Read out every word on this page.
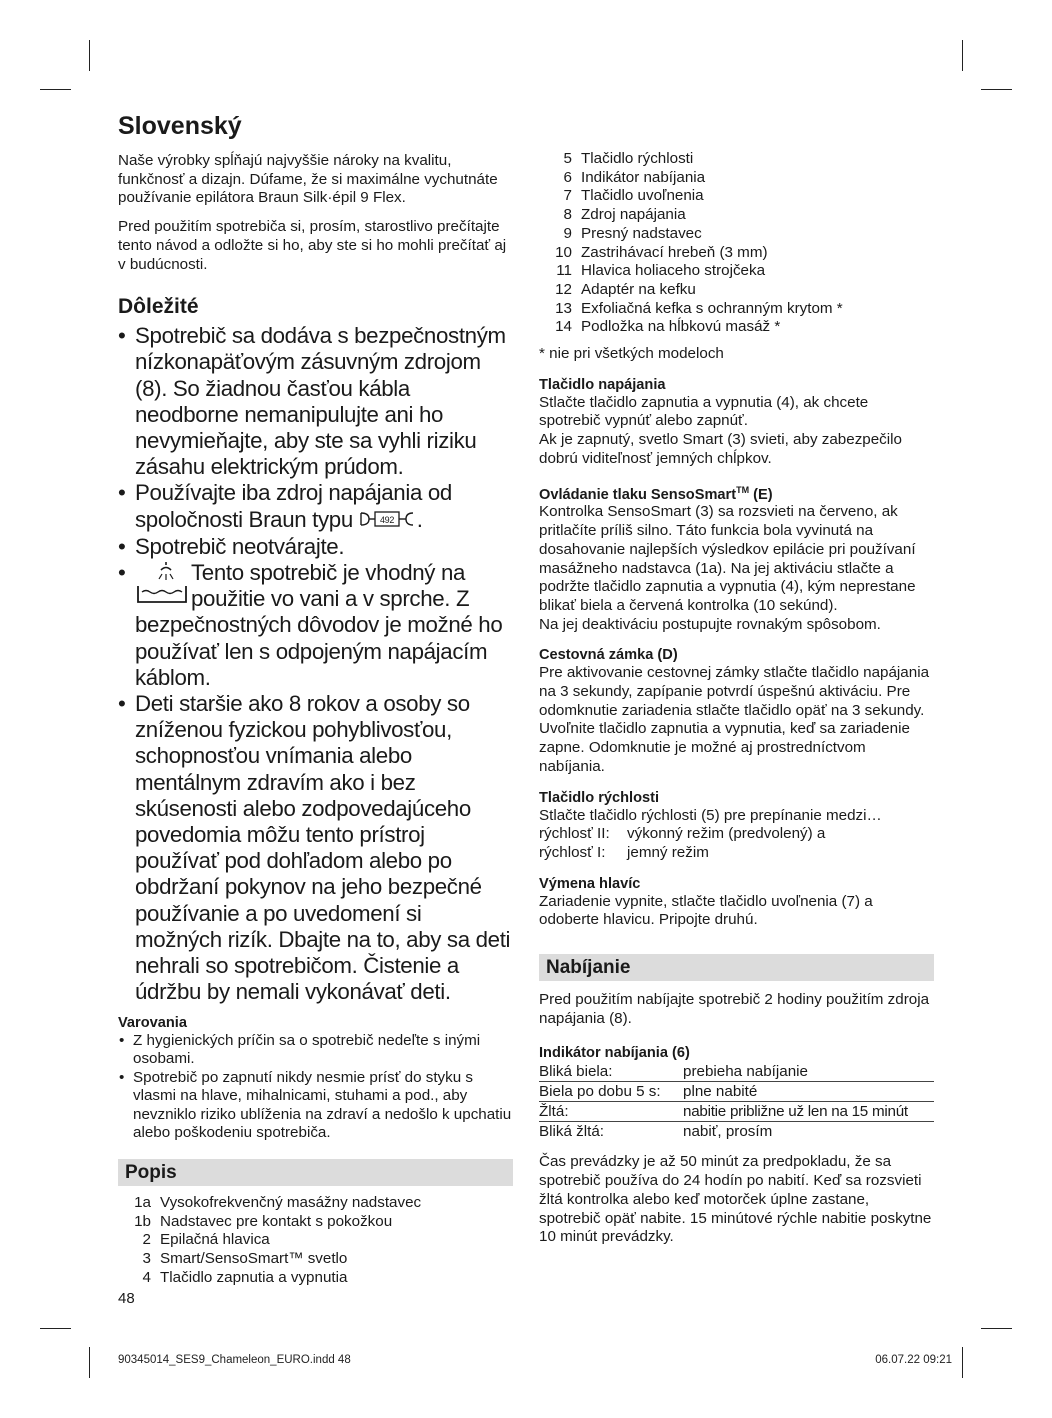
Slovenský

Naše výrobky spĺňajú najvyššie nároky na kvalitu, funkčnosť a dizajn. Dúfame, že si maximálne vychutnáte používanie epilátora Braun Silk·épil 9 Flex.

Pred použitím spotrebiča si, prosím, starostlivo prečítajte tento návod a odložte si ho, aby ste si ho mohli prečítať aj v budúcnosti.

Dôležité
• Spotrebič sa dodáva s bezpečnostným nízkonapäťovým zásuvným zdrojom (8). So žiadnou časťou kábla neodborne nemanipulujte ani ho nevymieňajte, aby ste sa vyhli riziku zásahu elektrickým prúdom.
• Používajte iba zdroj napájania od spoločnosti Braun typu	492 .
• Spotrebič neotvárajte.
• Tento spotrebič je vhodný na použitie vo vani a v sprche. Z bezpečnostných dôvodov je možné ho používať len s odpojeným napájacím káblom.
• Deti staršie ako 8 rokov a osoby so zníženou fyzickou pohyblivosťou, schopnosťou vnímania alebo mentálnym zdravím ako i bez skúsenosti alebo zodpovedajúceho povedomia môžu tento prístroj používať pod dohľadom alebo po obdržaní pokynov na jeho bezpečné používanie a po uvedomení si možných rizík. Dbajte na to, aby sa deti nehrali so spotrebičom. Čistenie a údržbu by nemali vykonávať deti.
Varovania
• Z hygienických príčin sa o spotrebič nedeľte s inými osobami.
• Spotrebič po zapnutí nikdy nesmie prísť do styku s vlasmi na hlave, mihalnicami, stuhami a pod., aby nevzniklo riziko ublíženia na zdraví a nedošlo k upchatiu alebo poškodeniu spotrebiča.
Popis
1a Vysokofrekvenčný masážny nadstavec
1b Nadstavec pre kontakt s pokožkou
2 Epilačná hlavica
3 Smart/SensoSmart™ svetlo
4 Tlačidlo zapnutia a vypnutia
5 Tlačidlo rýchlosti
6 Indikátor nabíjania
7 Tlačidlo uvoľnenia
8 Zdroj napájania
9 Presný nadstavec
10 Zastrihávací hrebeň (3 mm)
11 Hlavica holiaceho strojčeka
12 Adaptér na kefku
13 Exfoliačná kefka s ochranným krytom *
14 Podložka na hĺbkovú masáž *

* nie pri všetkých modeloch

Tlačidlo napájania

Stlačte tlačidlo zapnutia a vypnutia (4), ak chcete spotrebič vypnúť alebo zapnúť.

Ak je zapnutý, svetlo Smart (3) svieti, aby zabezpečilo dobrú viditeľnosť jemných chĺpkov.

Ovládanie tlaku SensoSmart™ (E)

Kontrolka SensoSmart (3) sa rozsvieti na červeno, ak pritlačíte príliš silno. Táto funkcia bola vyvinutá na dosahovanie najlepších výsledkov epilácie pri používaní masážneho nadstavca (1a). Na jej aktiváciu stlačte a podržte tlačidlo zapnutia a vypnutia (4), kým neprestane blikať biela a červená kontrolka (10 sekúnd).

Na jej deaktiváciu postupujte rovnakým spôsobom.

Cestovná zámka (D)

Pre aktivovanie cestovnej zámky stlačte tlačidlo napájania na 3 sekundy, zapípanie potvrdí úspešnú aktiváciu. Pre odomknutie zariadenia stlačte tlačidlo opäť na 3 sekundy. Uvoľnite tlačidlo zapnutia a vypnutia, keď sa zariadenie zapne. Odomknutie je možné aj prostredníctvom nabíjania.

Tlačidlo rýchlosti

Stlačte tlačidlo rýchlosti (5) pre prepínanie medzi…

rýchlosť II: výkonný režim (predvolený) a
rýchlosť I: jemný režim
Výmena hlavíc

Zariadenie vypnite, stlačte tlačidlo uvoľnenia (7) a odoberte hlavicu. Pripojte druhú.

Nabíjanie

Pred použitím nabíjajte spotrebič 2 hodiny použitím zdroja napájania (8).

Indikátor nabíjania (6)
Bliká biela:	prebieha nabíjanie
Biela po dobu 5 s:	plne nabité
Žltá:	nabitie približne už len na 15 minút
Bliká žltá:	nabiť, prosím

Čas prevádzky je až 50 minút za predpokladu, že sa spotrebič používa do 24 hodín po nabití. Keď sa rozsvieti žltá kontrolka alebo keď motorček úplne zastane, spotrebič opäť nabite. 15 minútové rýchle nabitie poskytne 10 minút prevádzky.

48
90345014_SES9_Chameleon_EURO.indd 48	06.07.22 09:21
